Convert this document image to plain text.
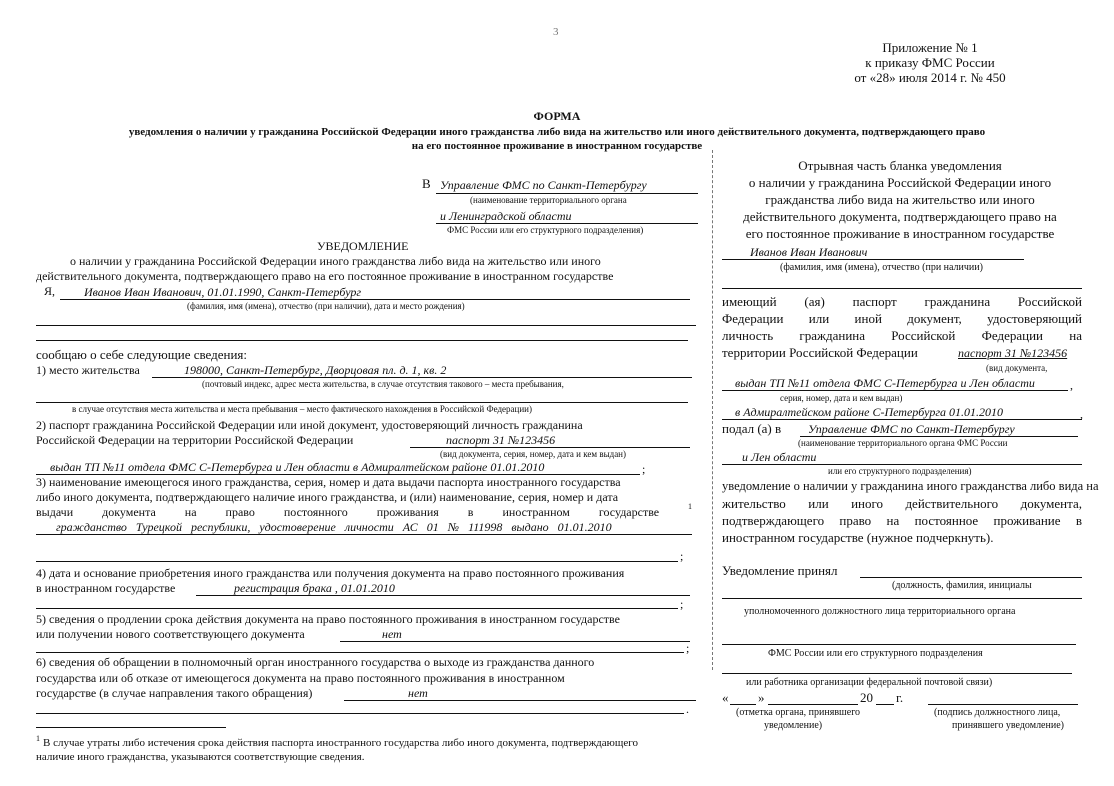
3
Приложение № 1
к приказу ФМС России
от «28» июля 2014 г. № 450
ФОРМА
уведомления о наличии у гражданина Российской Федерации иного гражданства либо вида на жительство или иного действительного документа, подтверждающего право
на его постоянное проживание в иностранном государстве
В Управление ФМС по Санкт-Петербургу
(наименование территориального органа
и Ленинградской области
ФМС России или его структурного подразделения)
УВЕДОМЛЕНИЕ
о наличии у гражданина Российской Федерации иного гражданства либо вида на жительство или иного
действительного документа, подтверждающего право на его постоянное проживание в иностранном государстве
Я, Иванов Иван Иванович, 01.01.1990, Санкт-Петербург
(фамилия, имя (имена), отчество (при наличии), дата и место рождения)
сообщаю о себе следующие сведения:
1) место жительства	198000, Санкт-Петербург, Дворцовая пл. д. 1, кв. 2
(почтовый индекс, адрес места жительства, в случае отсутствия такового – места пребывания,
в случае отсутствия места жительства и места пребывания – место фактического нахождения в Российской Федерации)
2) паспорт гражданина Российской Федерации или иной документ, удостоверяющий личность гражданина
Российской Федерации на территории Российской Федерации	паспорт 31 №123456
(вид документа, серия, номер, дата и кем выдан)
выдан ТП №11 отдела ФМС С-Петербурга и Лен области в Адмиралтейском районе 01.01.2010	;
3) наименование имеющегося иного гражданства, серия, номер и дата выдачи паспорта иностранного государства
либо иного документа, подтверждающего наличие иного гражданства, и (или) наименование, серия, номер и дата
выдачи документа на право постоянного проживания в иностранном государстве	1
гражданство Турецкой республики, удостоверение личности АС 01 № 111998 выдано 01.01.2010
;
4) дата и основание приобретения иного гражданства или получения документа на право постоянного проживания
в иностранном государстве	регистрация брака , 01.01.2010
;
5) сведения о продлении срока действия документа на право постоянного проживания в иностранном государстве
или получении нового соответствующего документа	нет
;
6) сведения об обращении в полномочный орган иностранного государства о выходе из гражданства данного
государства или об отказе от имеющегося документа на право постоянного проживания в иностранном
государстве (в случае направления такого обращения)	нет
.
1 В случае утраты либо истечения срока действия паспорта иностранного государства либо иного документа, подтверждающего
наличие иного гражданства, указываются соответствующие сведения.
Отрывная часть бланка уведомления
о наличии у гражданина Российской Федерации иного
гражданства либо вида на жительство или иного
действительного документа, подтверждающего право на
его постоянное проживание в иностранном государстве
Иванов Иван Иванович
(фамилия, имя (имена), отчество (при наличии)
имеющий (ая) паспорт гражданина Российской
Федерации или иной документ, удостоверяющий
личность гражданина Российской Федерации на
территории Российской Федерации	паспорт 31 №123456
(вид документа,
выдан ТП №11 отдела ФМС С-Петербурга и Лен области	,
серия, номер, дата и кем выдан)
в Адмиралтейском районе С-Петербурга 01.01.2010	,
подал (а) в Управление ФМС по Санкт-Петербургу
(наименование территориального органа ФМС России
и Лен области
или его структурного подразделения)
уведомление о наличии у гражданина иного гражданства либо вида на
жительство или иного действительного документа,
подтверждающего право на постоянное проживание в
иностранном государстве (нужное подчеркнуть).
Уведомление принял
(должность, фамилия, инициалы
уполномоченного должностного лица территориального органа
ФМС России или его структурного подразделения
или работника организации федеральной почтовой связи)
« »	20 г.
(отметка органа, принявшего
уведомление)
(подпись должностного лица,
принявшего уведомление)
